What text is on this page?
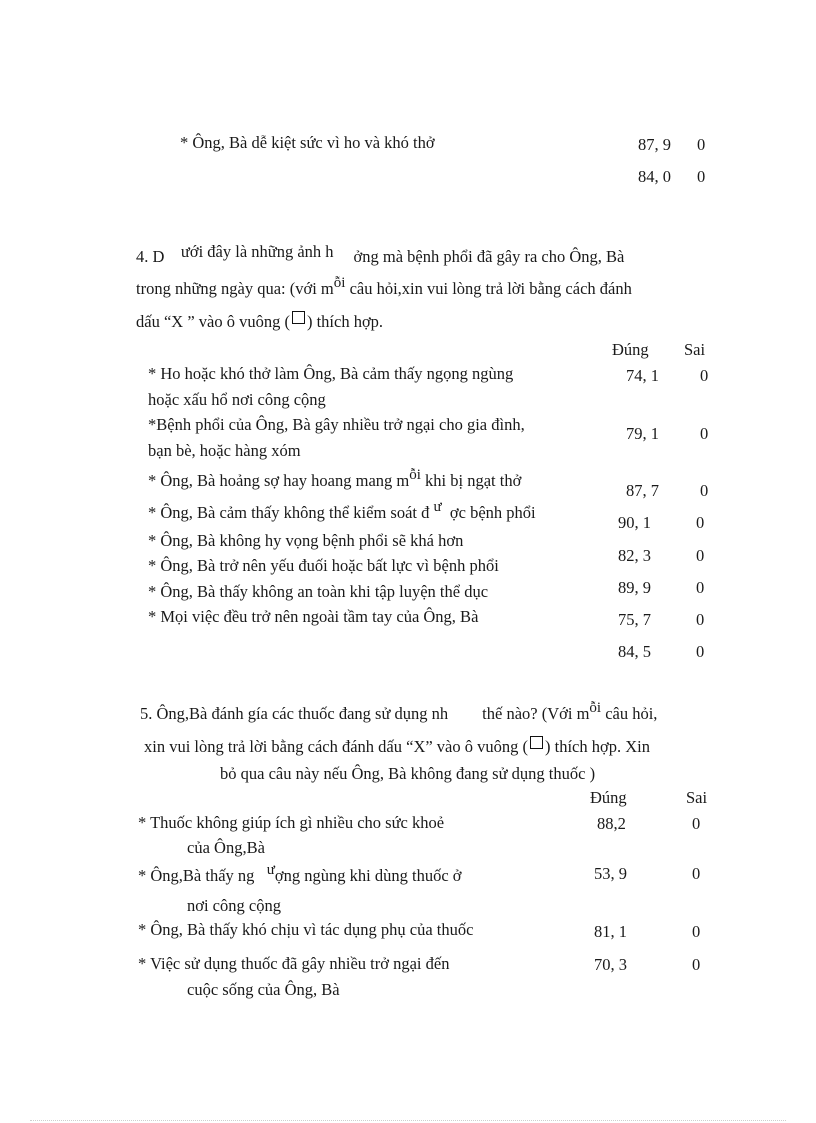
* Ông, Bà dễ kiệt sức vì ho và khó thở	87, 9 0
84, 0 0
4. D ưới đây là những ảnh h ởng mà bệnh phổi đã gây ra cho Ông, Bà
trong những ngày qua: (với mỗi câu hỏi,xin vui lòng trả lời bằng cách đánh
dấu “X ” vào ô vuông ( ) thích hợp.
Đúng Sai
* Ho hoặc khó thở làm Ông, Bà cảm thấy ngọng ngùng
hoặc xấu hổ nơi công cộng
74, 1 0
*Bệnh phổi của Ông, Bà gây nhiều trở ngại cho gia đình,
bạn bè, hoặc hàng xóm
79, 1 0
* Ông, Bà hoảng sợ hay hoang mang mỗi khi bị ngạt thở
87, 7 0
* Ông, Bà cảm thấy không thể kiểm soát đ ư ợc bệnh phổi
90, 1	0
* Ông, Bà không hy vọng bệnh phổi sẽ khá hơn
82, 3	0
* Ông, Bà trở nên yếu đuối hoặc bất lực vì bệnh phổi
89, 9	0
* Ông, Bà thấy không an toàn khi tập luyện thể dục
75, 7	0
* Mọi việc đều trở nên ngoài tầm tay của Ông, Bà
84, 5	0
5. Ông,Bà đánh gía các thuốc đang sử dụng nh thế nào? (Với mỗi câu hỏi,
xin vui lòng trả lời bằng cách đánh dấu “X” vào ô vuông ( ) thích hợp. Xin
bỏ qua câu này nếu Ông, Bà không đang sử dụng thuốc )
Đúng	Sai
* Thuốc không giúp ích gì nhiều cho sức khoẻ
của Ông,Bà
88,2	0
* Ông,Bà thấy ng ượng ngùng khi dùng thuốc ở
nơi công cộng
53, 9	0
* Ông, Bà thấy khó chịu vì tác dụng phụ của thuốc	81, 1	0
* Việc sử dụng thuốc đã gây nhiều trở ngại đến
cuộc sống của Ông, Bà
70, 3	0
